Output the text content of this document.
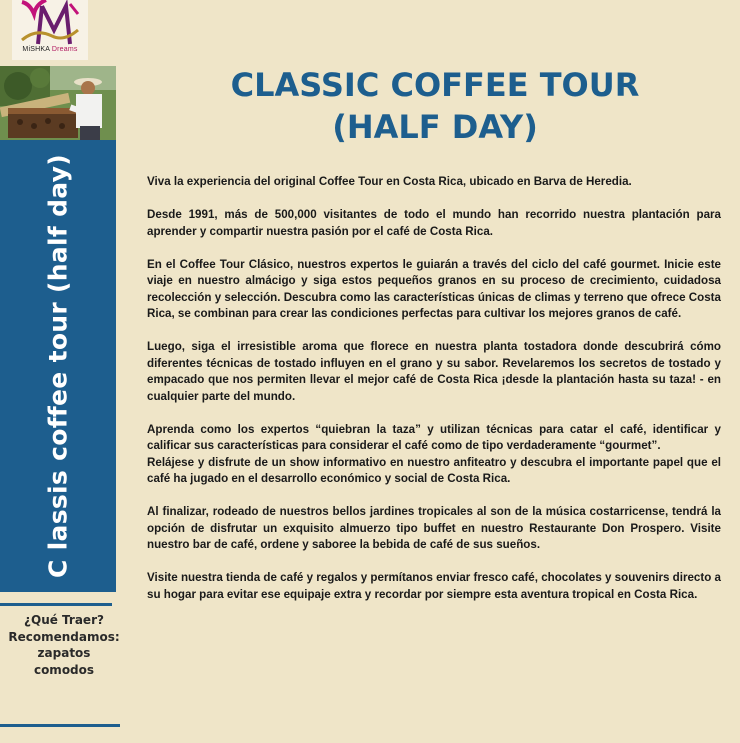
MiSHKA Dreams
C lassis coffee tour (half day)
¿Qué Traer?
Recomendamos:
zapatos comodos
CLASSIC COFFEE TOUR
(HALF DAY)

Viva la experiencia del original Coffee Tour en Costa Rica, ubicado en Barva de Heredia.

Desde 1991, más de 500,000 visitantes de todo el mundo han recorrido nuestra plantación para aprender y compartir nuestra pasión por el café de Costa Rica.

En el Coffee Tour Clásico, nuestros expertos le guiarán a través del ciclo del café gourmet. Inicie este viaje en nuestro almácigo y siga estos pequeños granos en su proceso de crecimiento, cuidadosa recolección y selección. Descubra como las características únicas de climas y terreno que ofrece Costa Rica, se combinan para crear las condiciones perfectas para cultivar los mejores granos de café.

Luego, siga el irresistible aroma que florece en nuestra planta tostadora donde descubrirá cómo diferentes técnicas de tostado influyen en el grano y su sabor. Revelaremos los secretos de tostado y empacado que nos permiten llevar el mejor café de Costa Rica ¡desde la plantación hasta su taza! - en cualquier parte del mundo.

Aprenda como los expertos “quiebran la taza” y utilizan técnicas para catar el café, identificar y calificar sus características para considerar el café como de tipo verdaderamente “gourmet”.

Relájese y disfrute de un show informativo en nuestro anfiteatro y descubra el importante papel que el café ha jugado en el desarrollo económico y social de Costa Rica.

Al finalizar, rodeado de nuestros bellos jardines tropicales al son de la música costarricense, tendrá la opción de disfrutar un exquisito almuerzo tipo buffet en nuestro Restaurante Don Prospero. Visite nuestro bar de café, ordene y saboree la bebida de café de sus sueños.

Visite nuestra tienda de café y regalos y permítanos enviar fresco café, chocolates y souvenirs directo a su hogar para evitar ese equipaje extra y recordar por siempre esta aventura tropical en Costa Rica.
